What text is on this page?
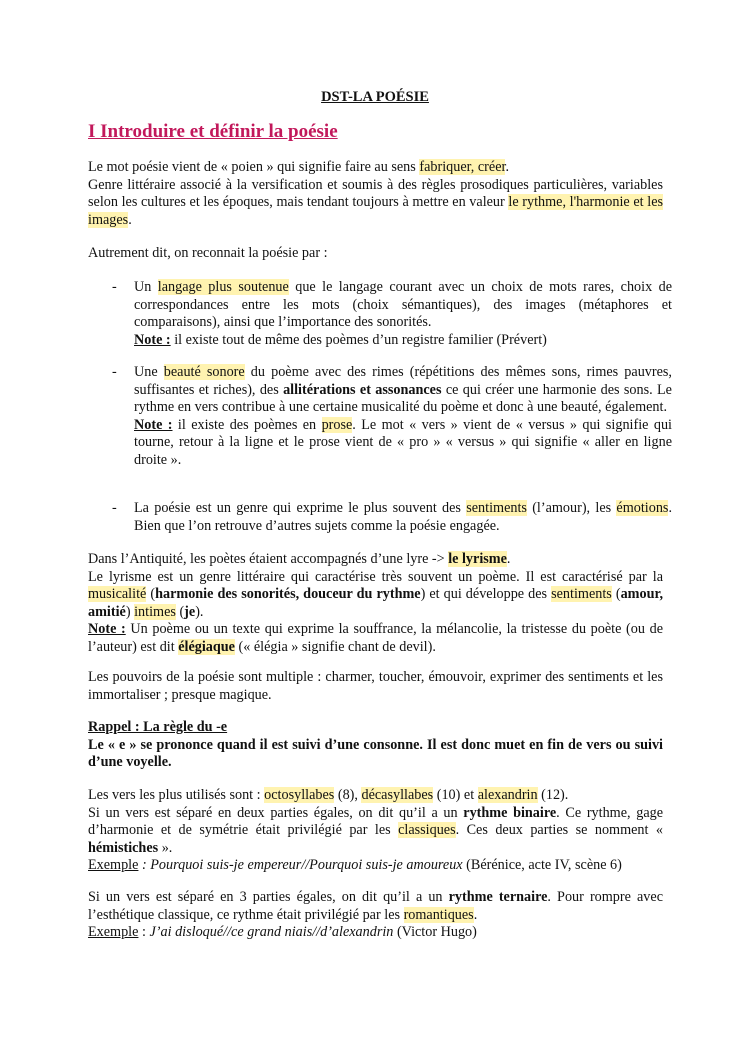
DST-LA POÉSIE
I Introduire et définir la poésie

Le mot poésie vient de « poien » qui signifie faire au sens fabriquer, créer.

Genre littéraire associé à la versification et soumis à des règles prosodiques particulières, variables selon les cultures et les époques, mais tendant toujours à mettre en valeur le rythme, l'harmonie et les images.

Autrement dit, on reconnait la poésie par :
- Un langage plus soutenue que le langage courant avec un choix de mots rares, choix de correspondances entre les mots (choix sémantiques), des images (métaphores et comparaisons), ainsi que l’importance des sonorités.
Note : il existe tout de même des poèmes d’un registre familier (Prévert)
- Une beauté sonore du poème avec des rimes (répétitions des mêmes sons, rimes pauvres, suffisantes et riches), des allitérations et assonances ce qui créer une harmonie des sons. Le rythme en vers contribue à une certaine musicalité du poème et donc à une beauté, également.
Note : il existe des poèmes en prose. Le mot « vers » vient de « versus » qui signifie qui tourne, retour à la ligne et le prose vient de « pro » « versus » qui signifie « aller en ligne droite ».
- La poésie est un genre qui exprime le plus souvent des sentiments (l’amour), les émotions. Bien que l’on retrouve d’autres sujets comme la poésie engagée.

Dans l’Antiquité, les poètes étaient accompagnés d’une lyre -> le lyrisme.

Le lyrisme est un genre littéraire qui caractérise très souvent un poème. Il est caractérisé par la musicalité (harmonie des sonorités, douceur du rythme) et qui développe des sentiments (amour, amitié) intimes (je).

Note : Un poème ou un texte qui exprime la souffrance, la mélancolie, la tristesse du poète (ou de l’auteur) est dit élégiaque (« élégia » signifie chant de devil).

Les pouvoirs de la poésie sont multiple : charmer, toucher, émouvoir, exprimer des sentiments et les immortaliser ; presque magique.

Rappel : La règle du -e

Le « e » se prononce quand il est suivi d’une consonne. Il est donc muet en fin de vers ou suivi d’une voyelle.

Les vers les plus utilisés sont : octosyllabes (8), décasyllabes (10) et alexandrin (12).

Si un vers est séparé en deux parties égales, on dit qu’il a un rythme binaire. Ce rythme, gage d’harmonie et de symétrie était privilégié par les classiques. Ces deux parties se nomment « hémistiches ».

Exemple : Pourquoi suis-je empereur//Pourquoi suis-je amoureux (Bérénice, acte IV, scène 6)

Si un vers est séparé en 3 parties égales, on dit qu’il a un rythme ternaire. Pour rompre avec l’esthétique classique, ce rythme était privilégié par les romantiques.

Exemple : J’ai disloqué//ce grand niais//d’alexandrin (Victor Hugo)
